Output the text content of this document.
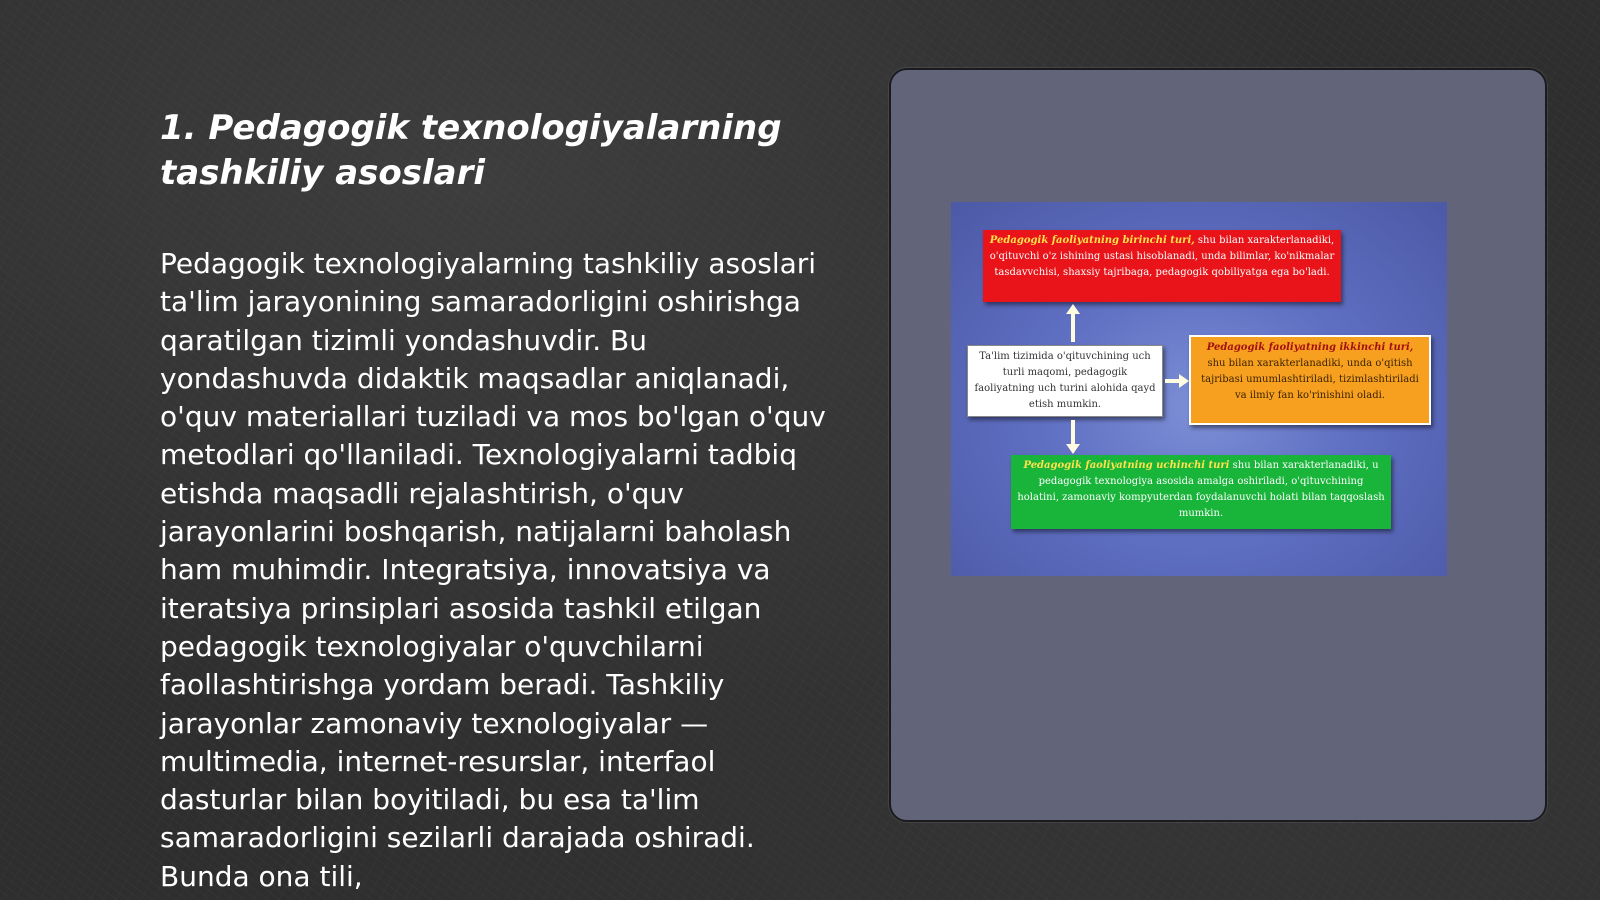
1. Pedagogik texnologiyalarning tashkiliy asoslari

Pedagogik texnologiyalarning tashkiliy asoslari ta'lim jarayonining samaradorligini oshirishga qaratilgan tizimli yondashuvdir. Bu yondashuvda didaktik maqsadlar aniqlanadi, o'quv materiallari tuziladi va mos bo'lgan o'quv metodlari qo'llaniladi. Texnologiyalarni tadbiq etishda maqsadli rejalashtirish, o'quv jarayonlarini boshqarish, natijalarni baholash ham muhimdir. Integratsiya, innovatsiya va iteratsiya prinsiplari asosida tashkil etilgan pedagogik texnologiyalar o'quvchilarni faollashtirishga yordam beradi. Tashkiliy jarayonlar zamonaviy texnologiyalar — multimedia, internet-resurslar, interfaol dasturlar bilan boyitiladi, bu esa ta'lim samaradorligini sezilarli darajada oshiradi. Bunda ona tili,

Pedagogik faoliyatning birinchi turi, shu bilan xarakterlanadiki, o'qituvchi o'z ishining ustasi hisoblanadi, unda bilimlar, ko'nikmalar tasdavvchisi, shaxsiy tajribaga, pedagogik qobiliyatga ega bo'ladi.
Ta'lim tizimida o'qituvchining uch turli maqomi, pedagogik faoliyatning uch turini alohida qayd etish mumkin.
Pedagogik faoliyatning ikkinchi turi, shu bilan xarakterlanadiki, unda o'qitish tajribasi umumlashtiriladi, tizimlashtiriladi va ilmiy fan ko'rinishini oladi.
Pedagogik faoliyatning uchinchi turi shu bilan xarakterlanadiki, u pedagogik texnologiya asosida amalga oshiriladi, o'qituvchining holatini, zamonaviy kompyuterdan foydalanuvchi holati bilan taqqoslash mumkin.
